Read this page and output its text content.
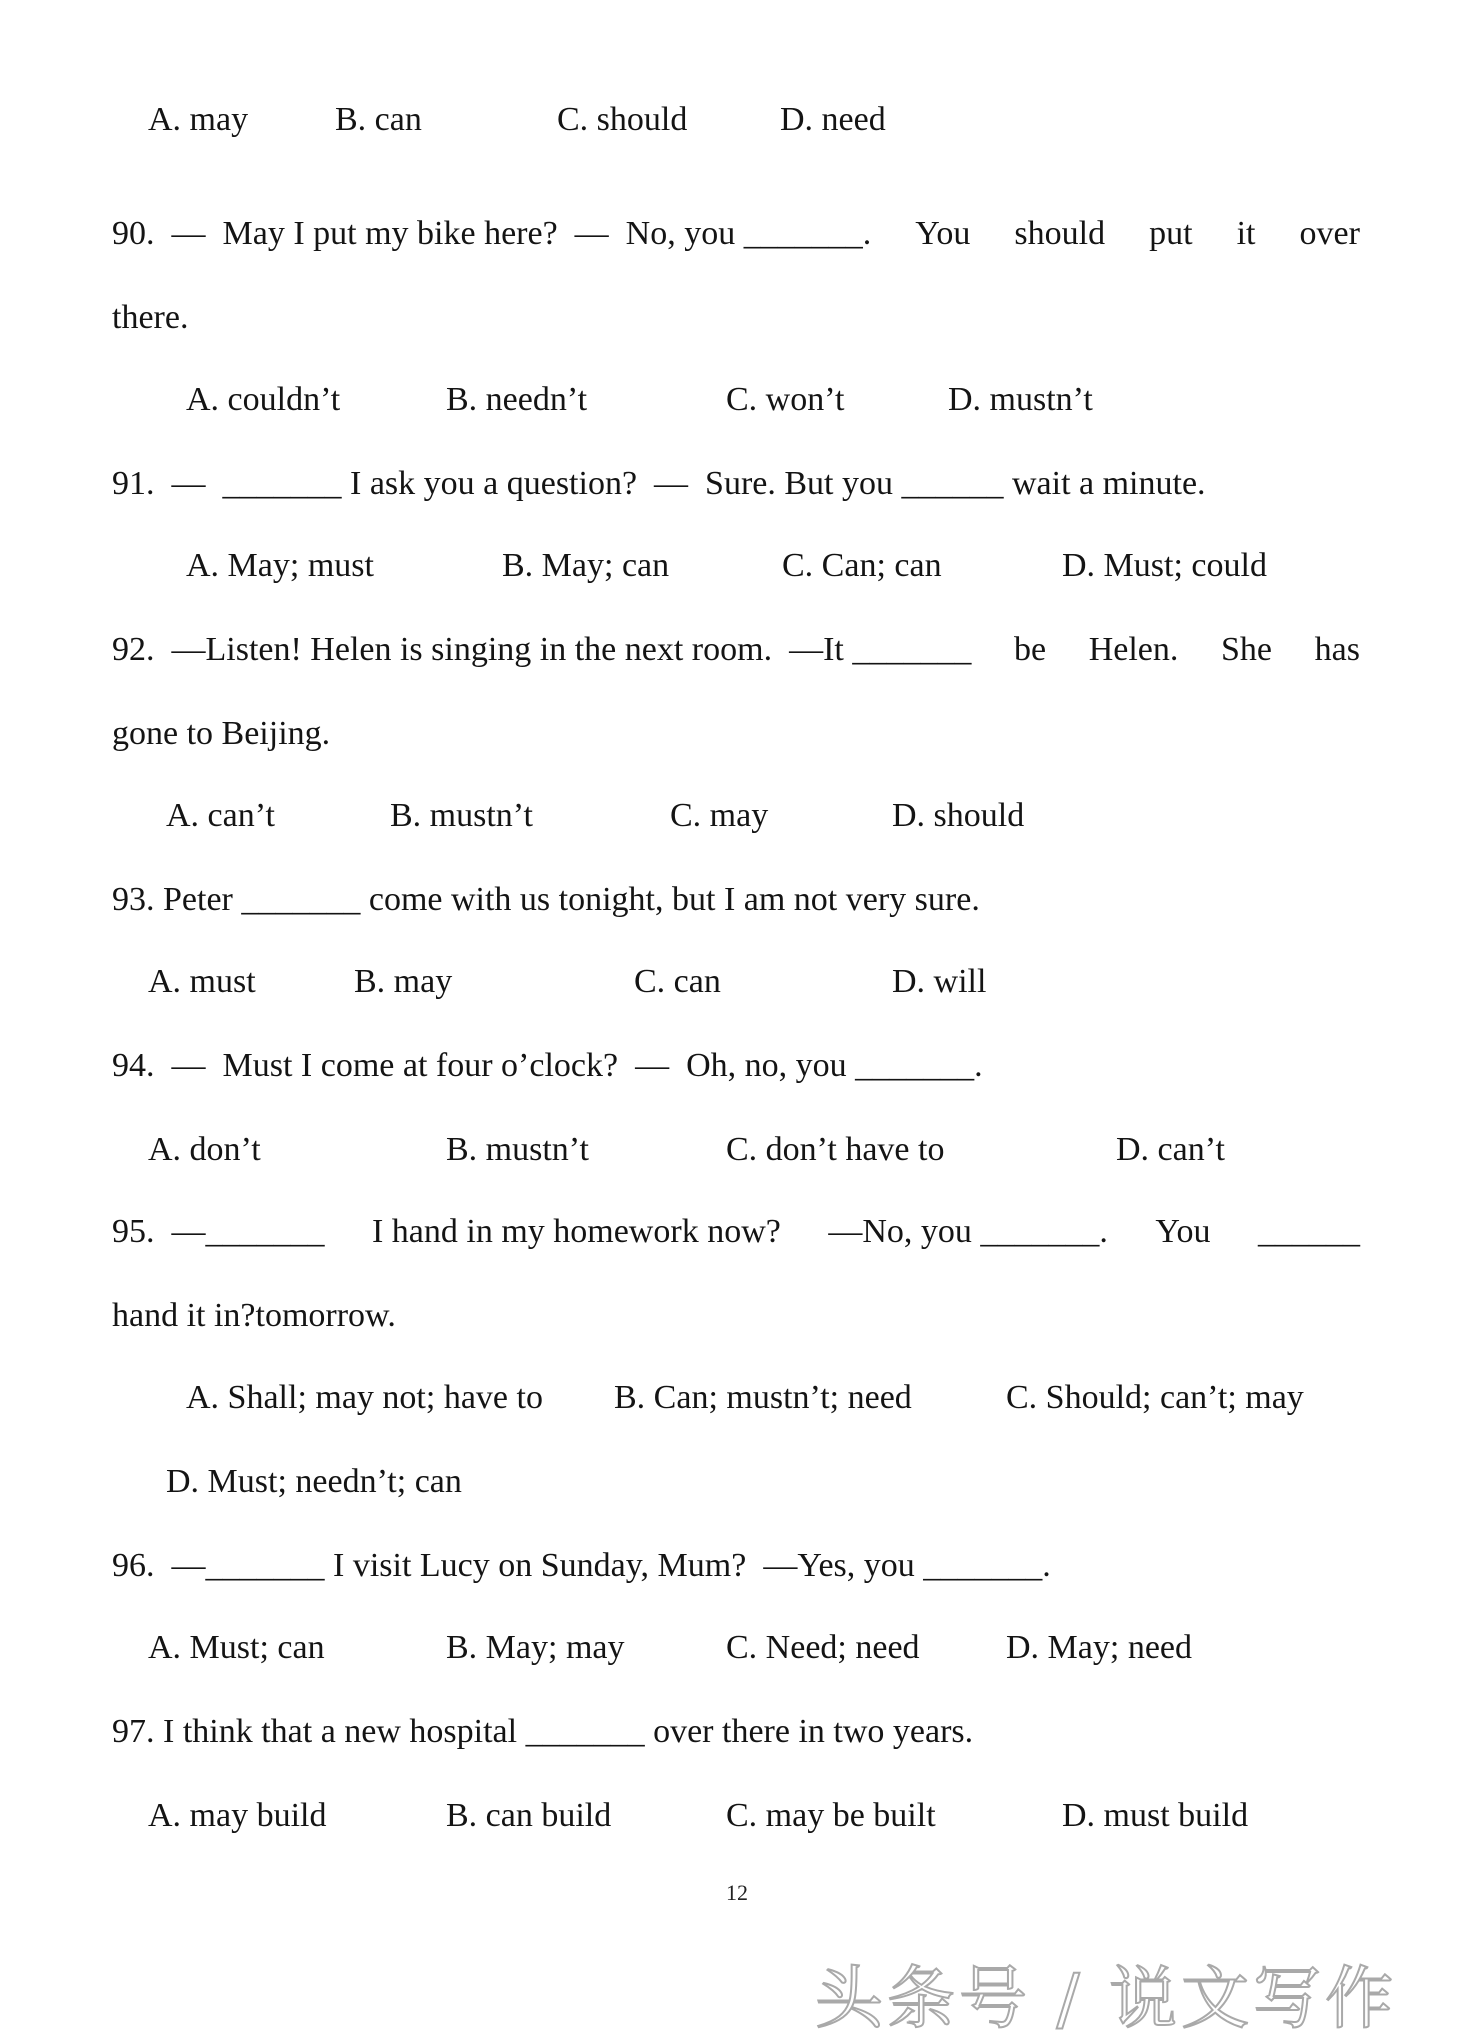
A. may

	B. can

	C. should

	D. need

90.  —  May I put my bike here?  —  No, you _______. You should put it over
there.

A. couldn’t

	B. needn’t

	C. won’t

	D. mustn’t

91.  —  _______ I ask you a question?  —  Sure. But you ______ wait a minute.

A. May; must

	B. May; can

	C. Can; can

	D. Must; could

92.  —Listen! Helen is singing in the next room.  —It _______ be Helen. She has
gone to Beijing.

A. can’t

	B. mustn’t

	C. may

	D. should

93. Peter _______ come with us tonight, but I am not very sure.

A. must

	B. may

	C. can

	D. will

94.  —  Must I come at four o’clock?  —  Oh, no, you _______.

A. don’t

	B. mustn’t

	C. don’t have to

	D. can’t

95.  —_______ I hand in my homework now? —No, you _______. You ______
hand it in?tomorrow.

A. Shall; may not; have to

B. Can; mustn’t; need

	C. Should; can’t; may

D. Must; needn’t; can
96.  —_______ I visit Lucy on Sunday, Mum?  —Yes, you _______.

A. Must; can

	B. May; may

	C. Need; need

	D. May; need

97. I think that a new hospital _______ over there in two years.

A. may build

	B. can build

	C. may be built

	D. must build

12
头条号 / 说文写作
